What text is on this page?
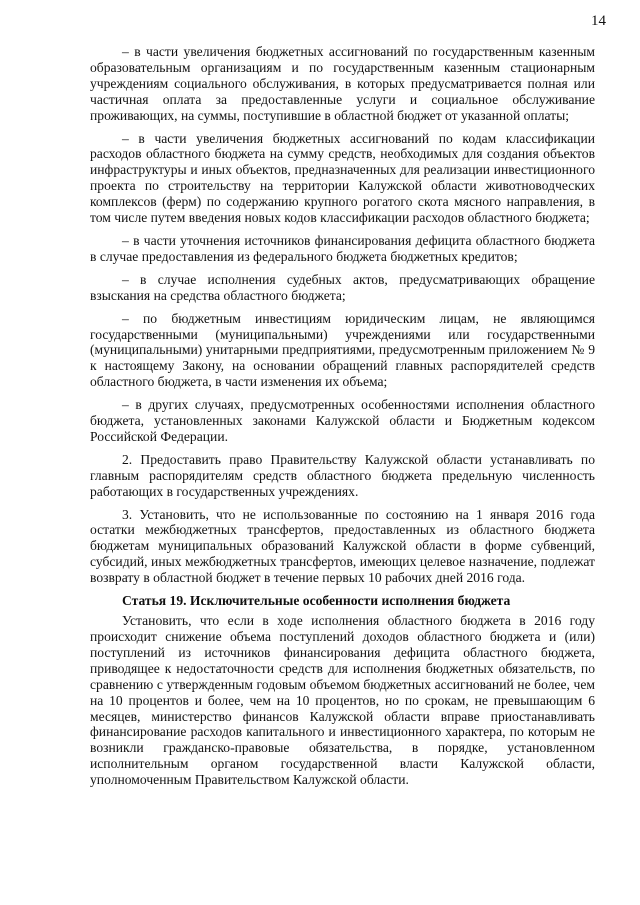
14

– в части увеличения бюджетных ассигнований по государственным казенным образовательным организациям и по государственным казенным стационарным учреждениям социального обслуживания, в которых предусматривается полная или частичная оплата за предоставленные услуги и социальное обслуживание проживающих, на суммы, поступившие в областной бюджет от указанной оплаты;

– в части увеличения бюджетных ассигнований по кодам классификации расходов областного бюджета на сумму средств, необходимых для создания объектов инфраструктуры и иных объектов, предназначенных для реализации инвестиционного проекта по строительству на территории Калужской области животноводческих комплексов (ферм) по содержанию крупного рогатого скота мясного направления, в том числе путем введения новых кодов классификации расходов областного бюджета;

– в части уточнения источников финансирования дефицита областного бюджета в случае предоставления из федерального бюджета бюджетных кредитов;

– в случае исполнения судебных актов, предусматривающих обращение взыскания на средства областного бюджета;

– по бюджетным инвестициям юридическим лицам, не являющимся государственными (муниципальными) учреждениями или государственными (муниципальными) унитарными предприятиями, предусмотренным приложением № 9 к настоящему Закону, на основании обращений главных распорядителей средств областного бюджета, в части изменения их объема;

– в других случаях, предусмотренных особенностями исполнения областного бюджета, установленных законами Калужской области и Бюджетным кодексом Российской Федерации.

2. Предоставить право Правительству Калужской области устанавливать по главным распорядителям средств областного бюджета предельную численность работающих в государственных учреждениях.

3. Установить, что не использованные по состоянию на 1 января 2016 года остатки межбюджетных трансфертов, предоставленных из областного бюджета бюджетам муниципальных образований Калужской области в форме субвенций, субсидий, иных межбюджетных трансфертов, имеющих целевое назначение, подлежат возврату в областной бюджет в течение первых 10 рабочих дней 2016 года.

Статья 19. Исключительные особенности исполнения бюджета

Установить, что если в ходе исполнения областного бюджета в 2016 году происходит снижение объема поступлений доходов областного бюджета и (или) поступлений из источников финансирования дефицита областного бюджета, приводящее к недостаточности средств для исполнения бюджетных обязательств, по сравнению с утвержденным годовым объемом бюджетных ассигнований не более, чем на 10 процентов и более, чем на 10 процентов, но по срокам, не превышающим 6 месяцев, министерство финансов Калужской области вправе приостанавливать финансирование расходов капитального и инвестиционного характера, по которым не возникли гражданско-правовые обязательства, в порядке, установленном исполнительным органом государственной власти Калужской области, уполномоченным Правительством Калужской области.
